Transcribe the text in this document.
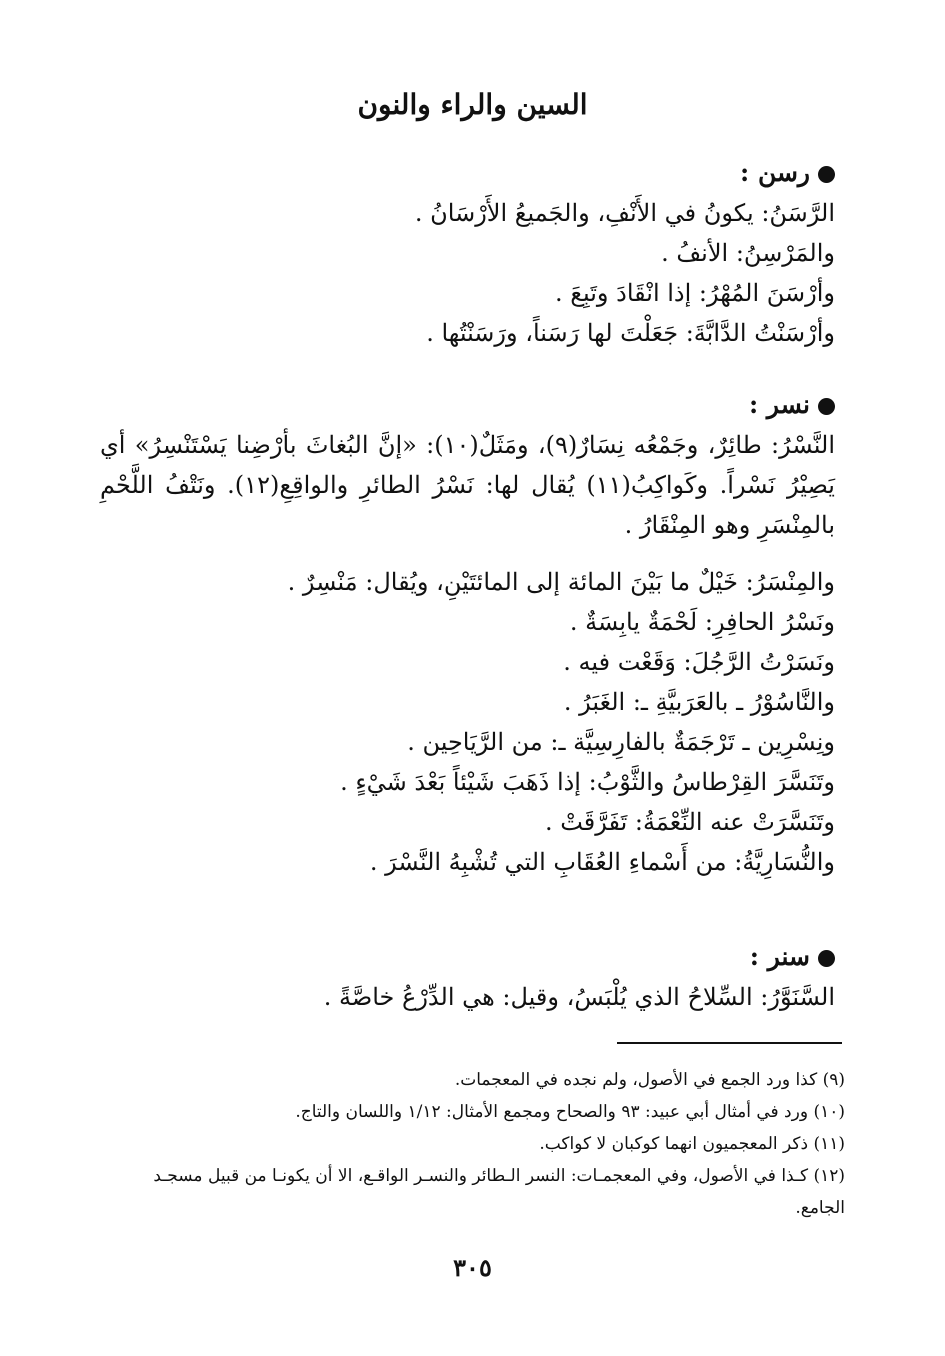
السين والراء والنون
رسن :
الرَّسَنُ: يكونُ في الأَنْفِ، والجَميعُ الأَرْسَانُ .
والمَرْسِنُ: الأنفُ .
وأرْسَنَ المُهْرُ: إذا انْقَادَ وتَبِعَ .
وأرْسَنْتُ الدَّابَّةَ: جَعَلْتَ لها رَسَناً، ورَسَنْتُها .
نسر :
النَّسْرُ: طائِرٌ، وجَمْعُه نِسَارٌ(٩)، ومَثَلٌ(١٠): «إنَّ البُغاثَ بأرْضِنا يَسْتَنْسِرُ» أي يَصِيْرُ نَسْراً. وكَواكِبُ(١١) يُقال لها: نَسْرُ الطائرِ والواقِعِ(١٢). ونَتْفُ اللَّحْمِ بالمِنْسَرِ وهو المِنْقَارُ .
والمِنْسَرُ: خَيْلٌ ما بَيْنَ المائة إلى المائتَيْنِ، ويُقال: مَنْسِرٌ .
ونَسْرُ الحافِرِ: لَحْمَةٌ يابِسَةٌ .
ونَسَرْتُ الرَّجُلَ: وَقَعْت فيه .
والنَّاسُوْرُ ـ بالعَرَبيَّةِ ـ: الغَبَرُ .
ونِسْرِين ـ تَرْجَمَةٌ بالفارِسِيَّة ـ: من الرَّيَاحِين .
وتَنَسَّرَ القِرْطاسُ والثَّوْبُ: إذا ذَهَبَ شَيْئاً بَعْدَ شَيْءٍ .
وتَنَسَّرَتْ عنه النِّعْمَةُ: تَفَرَّقَتْ .
والنُّسَارِيَّةُ: من أَسْماءِ العُقَابِ التي تُشْبِهُ النَّسْرَ .
سنر :
السَّنَوَّرُ: السِّلاحُ الذي يُلْبَسُ، وقيل: هي الدِّرْعُ خاصَّةً .
(٩) كذا ورد الجمع في الأصول، ولم نجده في المعجمات.
(١٠) ورد في أمثال أبي عبيد: ٩٣ والصحاح ومجمع الأمثال: ١/١٢ واللسان والتاج.
(١١) ذكر المعجميون انهما كوكبان لا كواكب.
(١٢) كـذا في الأصول، وفي المعجمـات: النسر الـطائر والنسـر الواقـع، الا أن يكونـا من قبيل مسجـد الجامع.
٣٠٥
